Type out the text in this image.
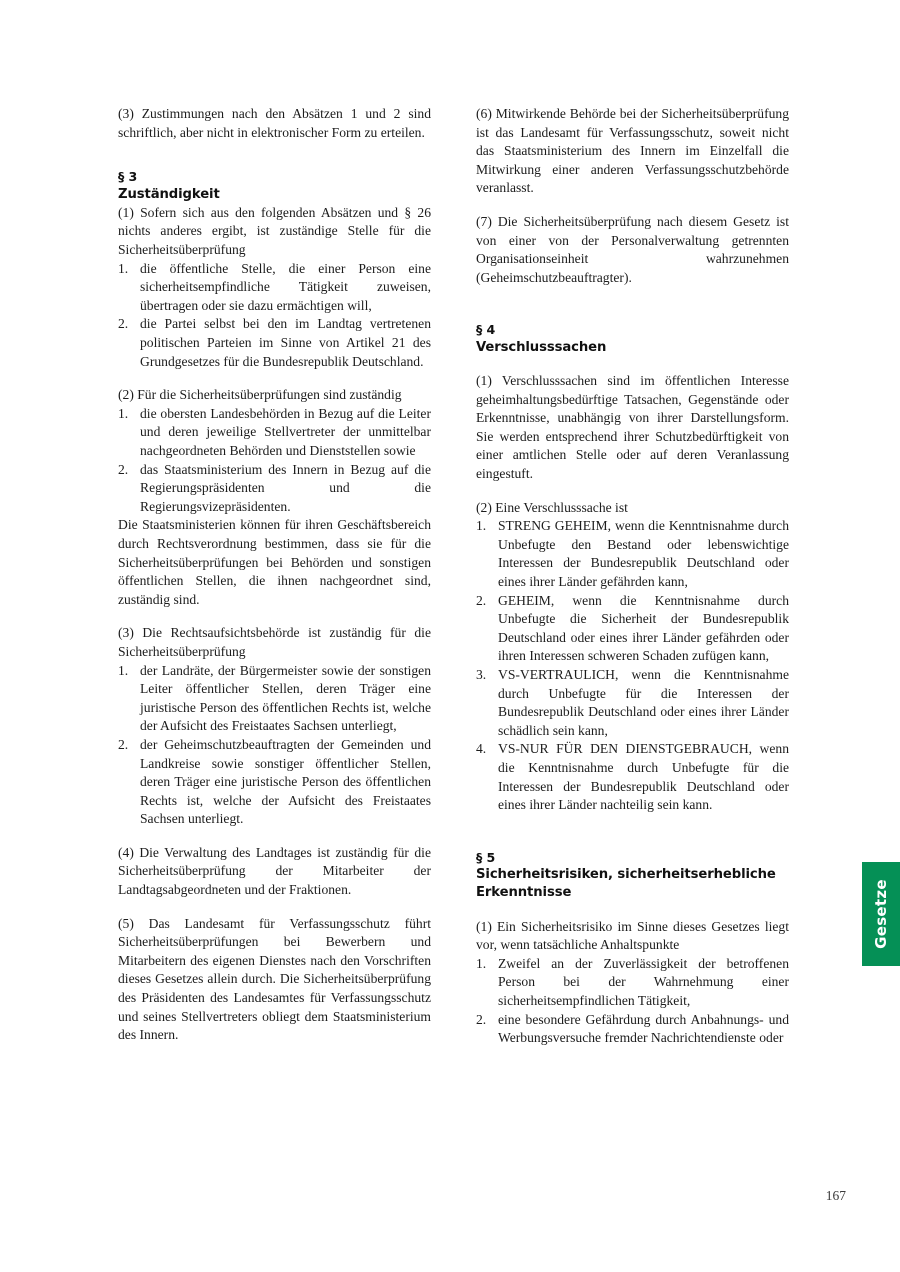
(3) Zustimmungen nach den Absätzen 1 und 2 sind schriftlich, aber nicht in elektronischer Form zu erteilen.

§ 3
Zuständigkeit

(1) Sofern sich aus den folgenden Absätzen und § 26 nichts anderes ergibt, ist zuständige Stelle für die Sicherheitsüberprüfung

1. die öffentliche Stelle, die einer Person eine sicherheitsempfindliche Tätigkeit zuweisen, übertragen oder sie dazu ermächtigen will,
2. die Partei selbst bei den im Landtag vertretenen politischen Parteien im Sinne von Artikel 21 des Grundgesetzes für die Bundesrepublik Deutschland.

(2) Für die Sicherheitsüberprüfungen sind zuständig

1. die obersten Landesbehörden in Bezug auf die Leiter und deren jeweilige Stellvertreter der unmittelbar nachgeordneten Behörden und Dienststellen sowie
2. das Staatsministerium des Innern in Bezug auf die Regierungspräsidenten und die Regierungsvizepräsidenten.

Die Staatsministerien können für ihren Geschäftsbereich durch Rechtsverordnung bestimmen, dass sie für die Sicherheitsüberprüfungen bei Behörden und sonstigen öffentlichen Stellen, die ihnen nachgeordnet sind, zuständig sind.

(3) Die Rechtsaufsichtsbehörde ist zuständig für die Sicherheitsüberprüfung

1. der Landräte, der Bürgermeister sowie der sonstigen Leiter öffentlicher Stellen, deren Träger eine juristische Person des öffentlichen Rechts ist, welche der Aufsicht des Freistaates Sachsen unterliegt,
2. der Geheimschutzbeauftragten der Gemeinden und Landkreise sowie sonstiger öffentlicher Stellen, deren Träger eine juristische Person des öffentlichen Rechts ist, welche der Aufsicht des Freistaates Sachsen unterliegt.

(4) Die Verwaltung des Landtages ist zuständig für die Sicherheitsüberprüfung der Mitarbeiter der Landtagsabgeordneten und der Fraktionen.

(5) Das Landesamt für Verfassungsschutz führt Sicherheitsüberprüfungen bei Bewerbern und Mitarbeitern des eigenen Dienstes nach den Vorschriften dieses Gesetzes allein durch. Die Sicherheitsüberprüfung des Präsidenten des Landesamtes für Verfassungsschutz und seines Stellvertreters obliegt dem Staatsministerium des Innern.

(6) Mitwirkende Behörde bei der Sicherheitsüberprüfung ist das Landesamt für Verfassungsschutz, soweit nicht das Staatsministerium des Innern im Einzelfall die Mitwirkung einer anderen Verfassungsschutzbehörde veranlasst.

(7) Die Sicherheitsüberprüfung nach diesem Gesetz ist von einer von der Personalverwaltung getrennten Organisationseinheit wahrzunehmen (Geheimschutzbeauftragter).

§ 4
Verschlusssachen

(1) Verschlusssachen sind im öffentlichen Interesse geheimhaltungsbedürftige Tatsachen, Gegenstände oder Erkenntnisse, unabhängig von ihrer Darstellungsform. Sie werden entsprechend ihrer Schutzbedürftigkeit von einer amtlichen Stelle oder auf deren Veranlassung eingestuft.

(2) Eine Verschlusssache ist

1. STRENG GEHEIM, wenn die Kenntnisnahme durch Unbefugte den Bestand oder lebenswichtige Interessen der Bundesrepublik Deutschland oder eines ihrer Länder gefährden kann,
2. GEHEIM, wenn die Kenntnisnahme durch Unbefugte die Sicherheit der Bundesrepublik Deutschland oder eines ihrer Länder gefährden oder ihren Interessen schweren Schaden zufügen kann,
3. VS-VERTRAULICH, wenn die Kenntnisnahme durch Unbefugte für die Interessen der Bundesrepublik Deutschland oder eines ihrer Länder schädlich sein kann,
4. VS-NUR FÜR DEN DIENSTGEBRAUCH, wenn die Kenntnisnahme durch Unbefugte für die Interessen der Bundesrepublik Deutschland oder eines ihrer Länder nachteilig sein kann.
§ 5
Sicherheitsrisiken, sicherheitserhebliche
Erkenntnisse

(1) Ein Sicherheitsrisiko im Sinne dieses Gesetzes liegt vor, wenn tatsächliche Anhaltspunkte

1. Zweifel an der Zuverlässigkeit der betroffenen Person bei der Wahrnehmung einer sicherheitsempfindlichen Tätigkeit,
2. eine besondere Gefährdung durch Anbahnungs- und Werbungsversuche fremder Nachrichtendienste oder
Gesetze
167
